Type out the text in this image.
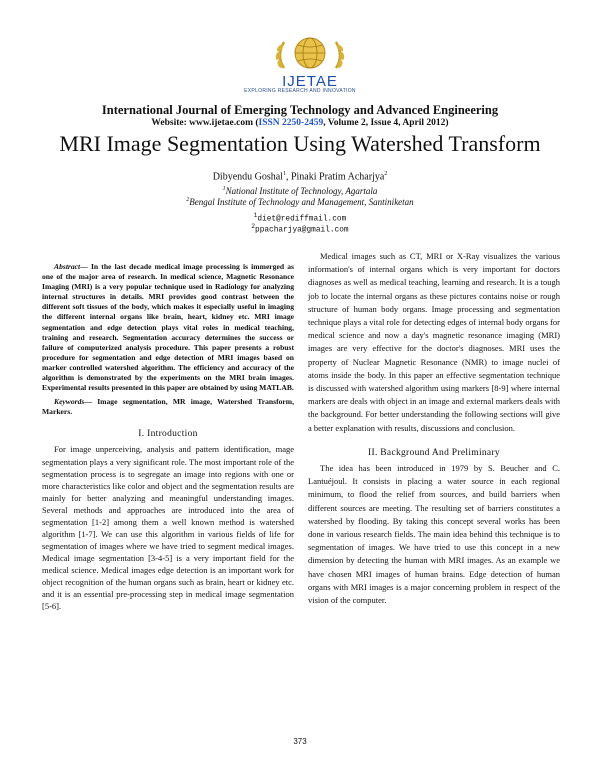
IJETAE
EXPLORING RESEARCH AND INNOVATION
International Journal of Emerging Technology and Advanced Engineering
Website: www.ijetae.com (ISSN 2250-2459, Volume 2, Issue 4, April 2012)
MRI Image Segmentation Using Watershed Transform
Dibyendu Goshal$^1$, Pinaki Pratim Acharjya$^2$
$^1$National Institute of Technology, Agartala
$^2$Bengal Institute of Technology and Management, Santiniketan
$^1$diet@rediffmail.com
$^2$ppacharjya@gmail.com

Abstract— In the last decade medical image processing is immerged as one of the major area of research. In medical science, Magnetic Resonance Imaging (MRI) is a very popular technique used in Radiology for analyzing internal structures in details. MRI provides good contrast between the different soft tissues of the body, which makes it especially useful in imaging the different internal organs like brain, heart, kidney etc. MRI image segmentation and edge detection plays vital roles in medical teaching, training and research. Segmentation accuracy determines the success or failure of computerized analysis procedure. This paper presents a robust procedure for segmentation and edge detection of MRI images based on marker controlled watershed algorithm. The efficiency and accuracy of the algorithm is demonstrated by the experiments on the MRI brain images. Experimental results presented in this paper are obtained by using MATLAB.

Keywords— Image segmentation, MR image, Watershed Transform, Markers.

I. Introduction

For image unperceiving, analysis and pattern identification, mage segmentation plays a very significant role. The most important role of the segmentation process is to segregate an image into regions with one or more characteristics like color and object and the segmentation results are mainly for better analyzing and meaningful understanding images. Several methods and approaches are introduced into the area of segmentation [1-2] among them a well known method is watershed algorithm [1-7]. We can use this algorithm in various fields of life for segmentation of images where we have tried to segment medical images. Medical image segmentation [3-4-5] is a very important field for the medical science. Medical images edge detection is an important work for object recognition of the human organs such as brain, heart or kidney etc. and it is an essential pre-processing step in medical image segmentation [5-6].

Medical images such as CT, MRI or X-Ray visualizes the various information's of internal organs which is very important for doctors diagnoses as well as medical teaching, learning and research. It is a tough job to locate the internal organs as these pictures contains noise or rough structure of human body organs. Image processing and segmentation technique plays a vital role for detecting edges of internal body organs for medical science and now a day's magnetic resonance imaging (MRI) images are very effective for the doctor's diagnoses. MRI uses the property of Nuclear Magnetic Resonance (NMR) to image nuclei of atoms inside the body. In this paper an effective segmentation technique is discussed with watershed algorithm using markers [8-9] where internal markers are deals with object in an image and external markers deals with the background. For better understanding the following sections will give a better explanation with results, discussions and conclusion.

II. Background And Preliminary

The idea has been introduced in 1979 by S. Beucher and C. Lantuéjoul. It consists in placing a water source in each regional minimum, to flood the relief from sources, and build barriers when different sources are meeting. The resulting set of barriers constitutes a watershed by flooding. By taking this concept several works has been done in various research fields. The main idea behind this technique is to segmentation of images. We have tried to use this concept in a new dimension by detecting the human with MRI images. As an example we have chosen MRI images of human brains. Edge detection of human organs with MRI images is a major concerning problem in respect of the vision of the computer.

373
